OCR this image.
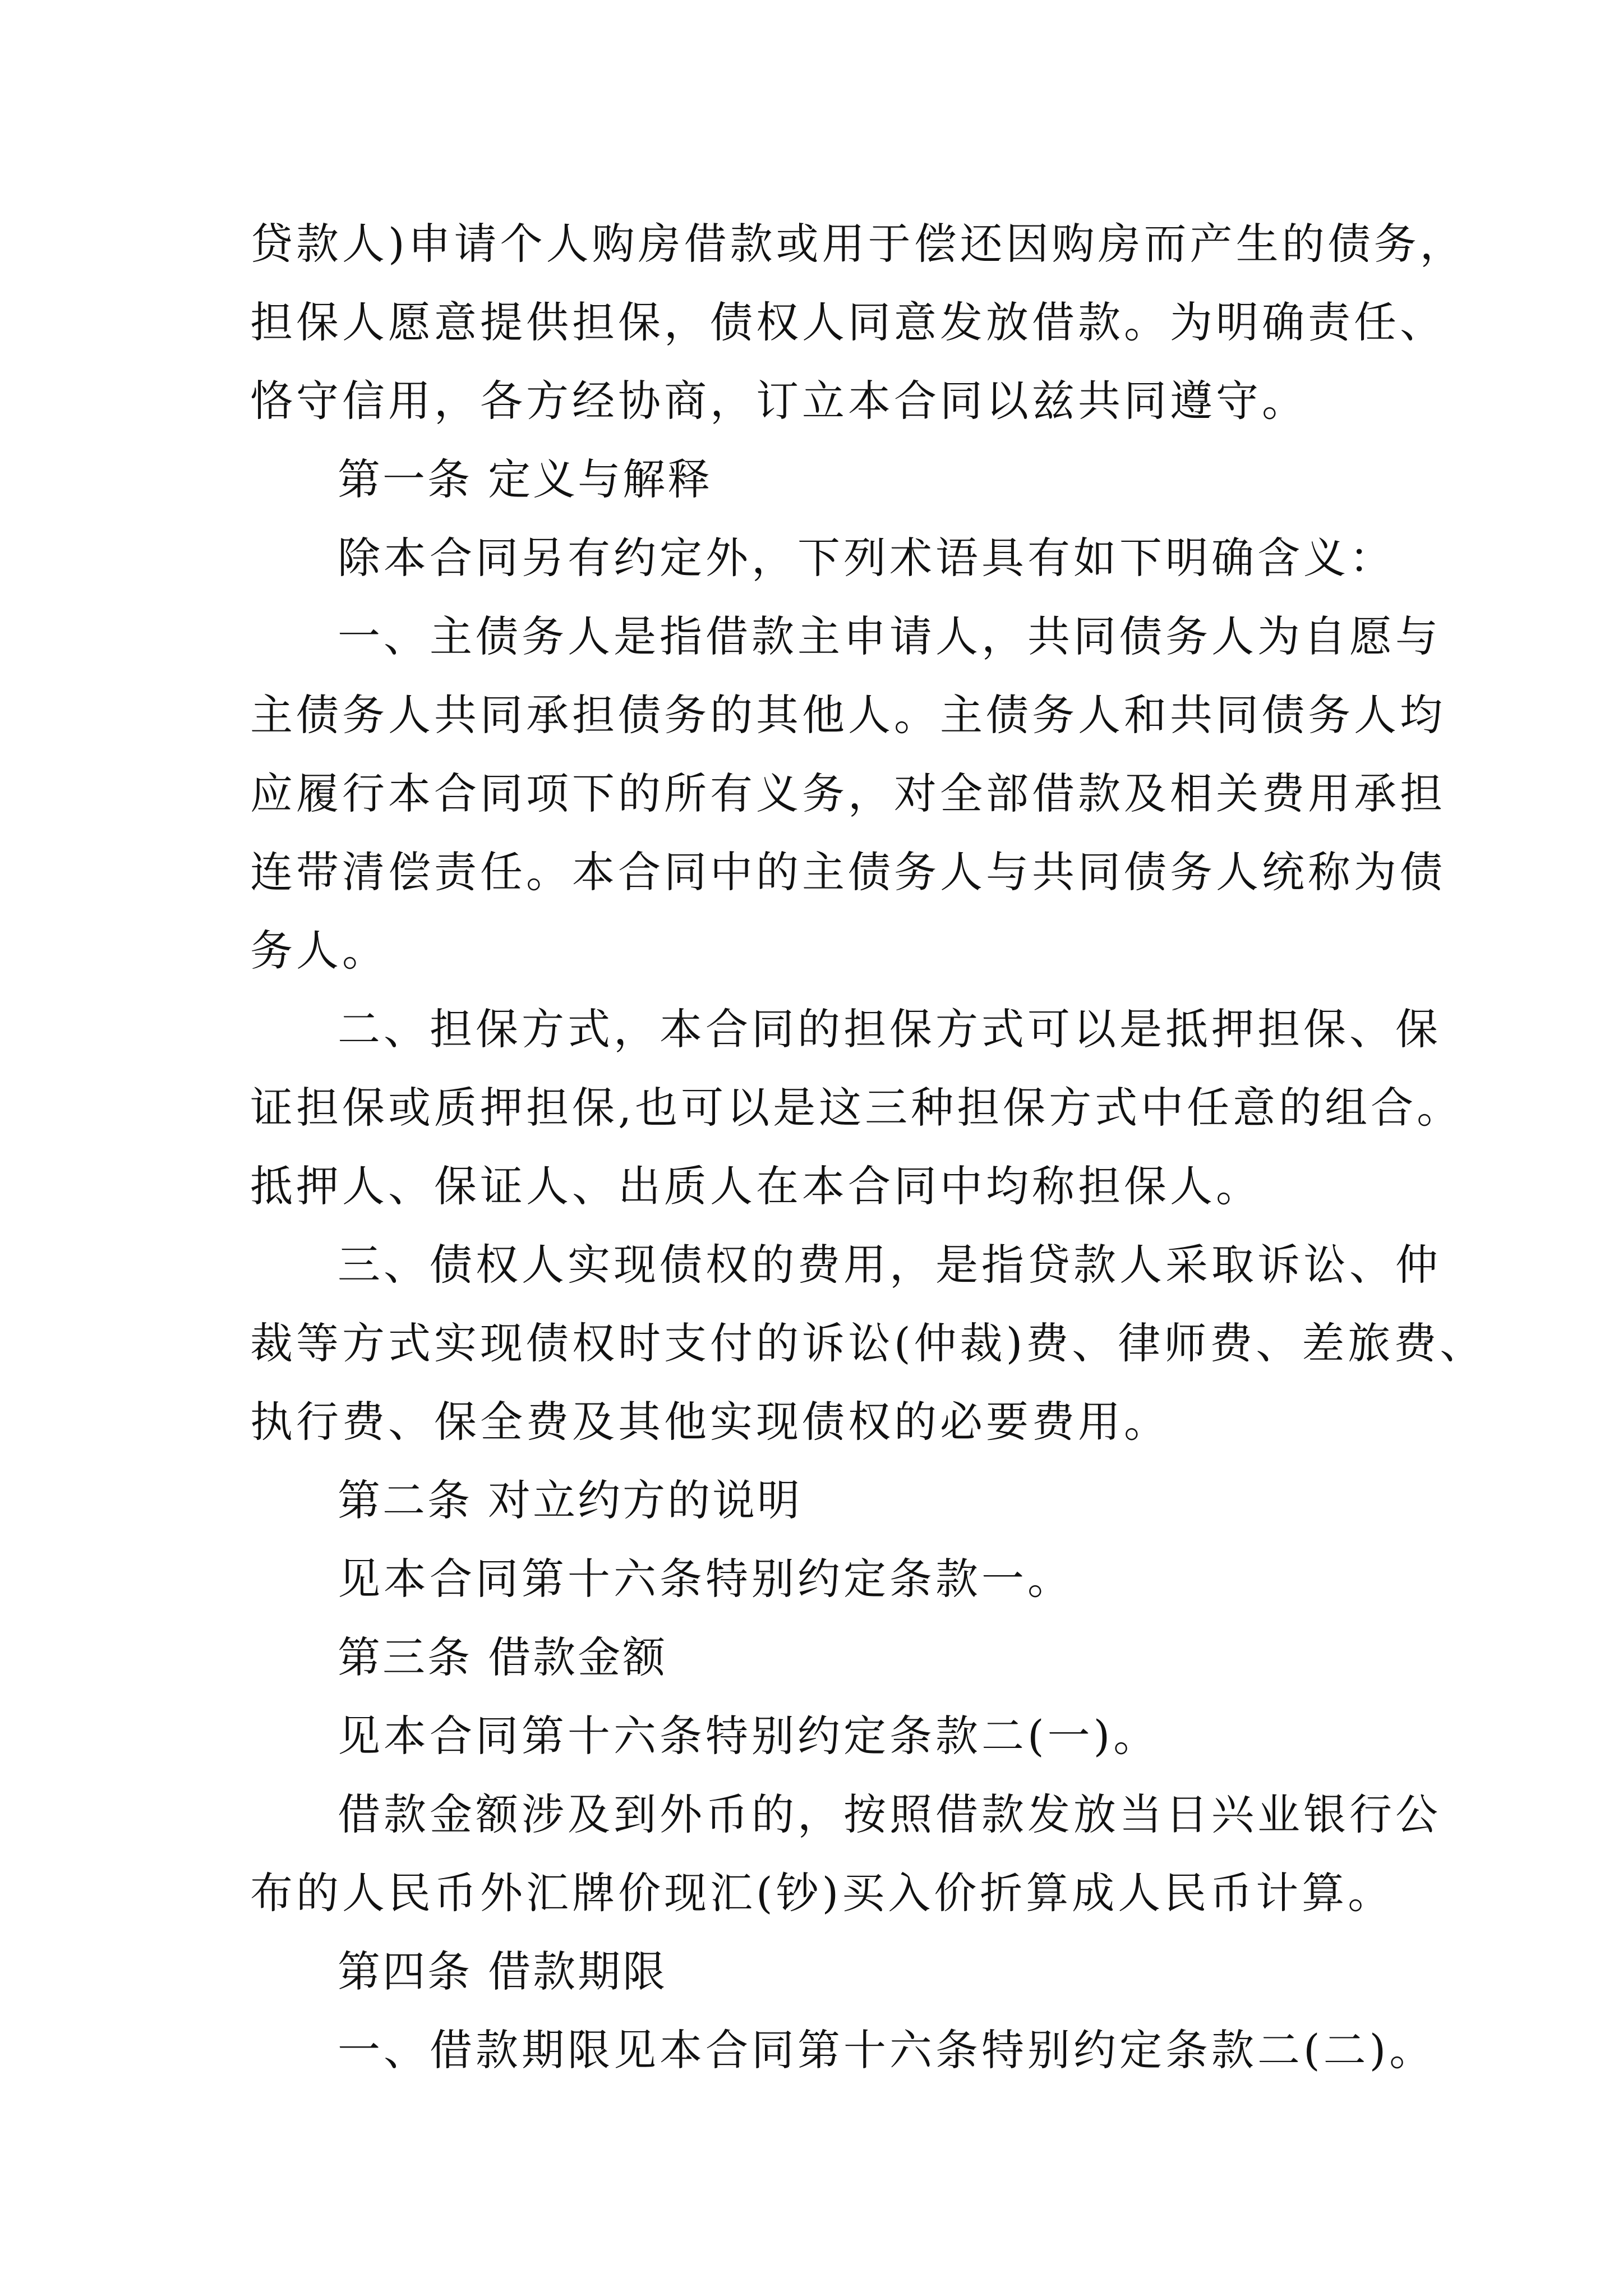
贷款人)申请个人购房借款或用于偿还因购房而产生的债务，
担保人愿意提供担保，债权人同意发放借款。为明确责任、
恪守信用，各方经协商，订立本合同以兹共同遵守。
第一条 定义与解释
除本合同另有约定外，下列术语具有如下明确含义：
一、主债务人是指借款主申请人，共同债务人为自愿与
主债务人共同承担债务的其他人。主债务人和共同债务人均
应履行本合同项下的所有义务，对全部借款及相关费用承担
连带清偿责任。本合同中的主债务人与共同债务人统称为债
务人。
二、担保方式，本合同的担保方式可以是抵押担保、保
证担保或质押担保,也可以是这三种担保方式中任意的组合。
抵押人、保证人、出质人在本合同中均称担保人。
三、债权人实现债权的费用，是指贷款人采取诉讼、仲
裁等方式实现债权时支付的诉讼(仲裁)费、律师费、差旅费、
执行费、保全费及其他实现债权的必要费用。
第二条 对立约方的说明
见本合同第十六条特别约定条款一。
第三条 借款金额
见本合同第十六条特别约定条款二(一)。
借款金额涉及到外币的，按照借款发放当日兴业银行公
布的人民币外汇牌价现汇(钞)买入价折算成人民币计算。
第四条 借款期限
一、借款期限见本合同第十六条特别约定条款二(二)。
